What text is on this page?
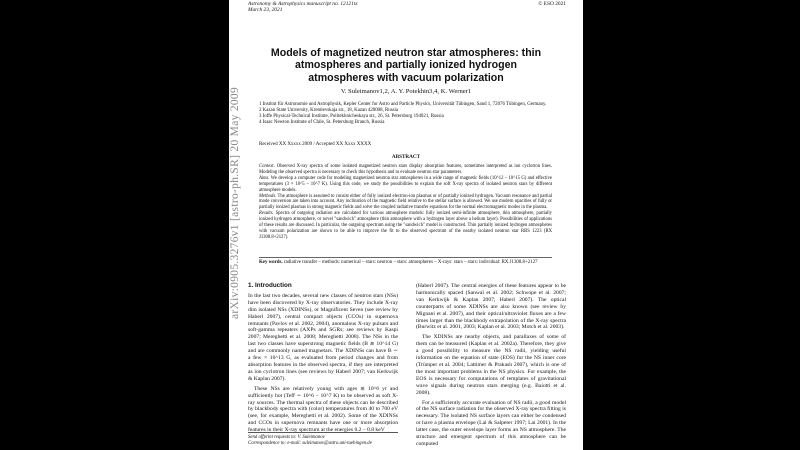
arXiv:0905.3276v1 [astro-ph.SR] 20 May 2009
Astronomy & Astrophysics manuscript no. 12121tx
March 23, 2021
© ESO 2021
Models of magnetized neutron star atmospheres: thin atmospheres and partially ionized hydrogen atmospheres with vacuum polarization
V. Suleimanov1,2, A. Y. Potekhin3,4, K. Werner1
1 Institut für Astronomie und Astrophysik, Kepler Center for Astro and Particle Physics, Universität Tübingen, Sand 1, 72076 Tübingen, Germany.
2 Kazan State University, Kremlevskaja str., 18, Kazan 420008, Russia
3 Ioffe Physical-Technical Institute, Politekhnicheskaya str., 26, St. Petersburg 194021, Russia
4 Isaac Newton Institute of Chile, St. Petersburg Branch, Russia
Received XX Xxxxx 2009 / Accepted XX Xxxx XXXX
ABSTRACT
Context. Observed X-ray spectra of some isolated magnetized neutron stars display absorption features, sometimes interpreted as ion cyclotron lines. Modeling the observed spectra is necessary to check this hypothesis and to evaluate neutron star parameters.
Aims. We develop a computer code for modeling magnetized neutron star atmospheres in a wide range of magnetic fields (10^12 – 10^15 G) and effective temperatures (3 × 10^5 – 10^7 K). Using this code, we study the possibilities to explain the soft X-ray spectra of isolated neutron stars by different atmosphere models.
Methods. The atmosphere is assumed to consist either of fully ionized electron-ion plasmas or of partially ionized hydrogen. Vacuum resonance and partial mode conversion are taken into account. Any inclination of the magnetic field relative to the stellar surface is allowed. We use modern opacities of fully or partially ionized plasmas in strong magnetic fields and solve the coupled radiative transfer equations for the normal electromagnetic modes in the plasma.
Results. Spectra of outgoing radiation are calculated for various atmosphere models: fully ionized semi-infinite atmosphere, thin atmosphere, partially ionized hydrogen atmosphere, or novel "sandwich" atmosphere (thin atmosphere with a hydrogen layer above a helium layer). Possibilities of applications of these results are discussed. In particular, the outgoing spectrum using the "sandwich" model is constructed. Thin partially ionized hydrogen atmospheres with vacuum polarization are shown to be able to improve the fit to the observed spectrum of the nearby isolated neutron star RBS 1223 (RX J1308.8+2127).
Key words. radiative transfer – methods: numerical – stars: neutron – stars: atmospheres – X-rays: stars – stars: individual: RX J1308.8+2127
1. Introduction

In the last two decades, several new classes of neutron stars (NSs) have been discovered by X-ray observatories. They include X-ray dim isolated NSs (XDINSs), or Magnificent Seven (see review by Haberl 2007), central compact objects (CCOs) in supernova remnants (Pavlov et al. 2002, 2004), anomalous X-ray pulsars and soft-gamma repeaters (AXPs and SGRs; see reviews by Kaspi 2007; Mereghetti et al. 2008; Mereghetti 2008). The NSs in the last two classes have superstrong magnetic fields (B ≳ 10^14 G) and are commonly named magnetars. The XDINSs can have B ∼ a few × 10^13 G, as evaluated from period changes and from absorption features in the observed spectra, if they are interpreted as ion cyclotron lines (see reviews by Haberl 2007; van Kerkwijk & Kaplan 2007).

These NSs are relatively young with ages ≲ 10^6 yr and sufficiently hot (Teff ∼ 10^6 − 10^7 K) to be observed as soft X-ray sources. The thermal spectra of these objects can be described by blackbody spectra with (color) temperatures from 40 to 700 eV (see, for example, Mereghetti et al. 2002). Some of the XDINSs and CCOs in supernova remnants have one or more absorption features in their X-ray spectrum at the energies 0.2 – 0.8 keV

(Haberl 2007). The central energies of these features appear to be harmonically spaced (Sanwal et al. 2002; Schwope et al. 2007; van Kerkwijk & Kaplan 2007; Haberl 2007). The optical counterparts of some XDINSs are also known (see review by Mignani et al. 2007), and their optical/ultraviolet fluxes are a few times larger than the blackbody extrapolation of the X-ray spectra (Burwitz et al. 2001, 2003; Kaplan et al. 2003; Motch et al. 2003).

The XDINSs are nearby objects, and parallaxes of some of them can be measured (Kaplan et al. 2002a). Therefore, they give a good possibility to measure the NS radii, yielding useful information on the equation of state (EOS) for the NS inner core (Trümper et al. 2004; Lattimer & Prakash 2007), which is one of the most important problems in the NS physics. For example, the EOS is necessary for computations of templates of gravitational wave signals during neutron stars merging (e.g. Baiotti et al. 2008).

For a sufficiently accurate evaluation of NS radii, a good model of the NS surface radiation for the observed X-ray spectra fitting is necessary. The isolated NS surface layers can either be condensed or have a plasma envelope (Lai & Salpeter 1997; Lai 2001). In the latter case, the outer envelope layer forms an NS atmosphere. The structure and emergent spectrum of this atmosphere can be computed

Send offprint requests to: V. Suleimanov
Correspondence to: e-mail: suleimanov@astro.uni-tuebingen.de
